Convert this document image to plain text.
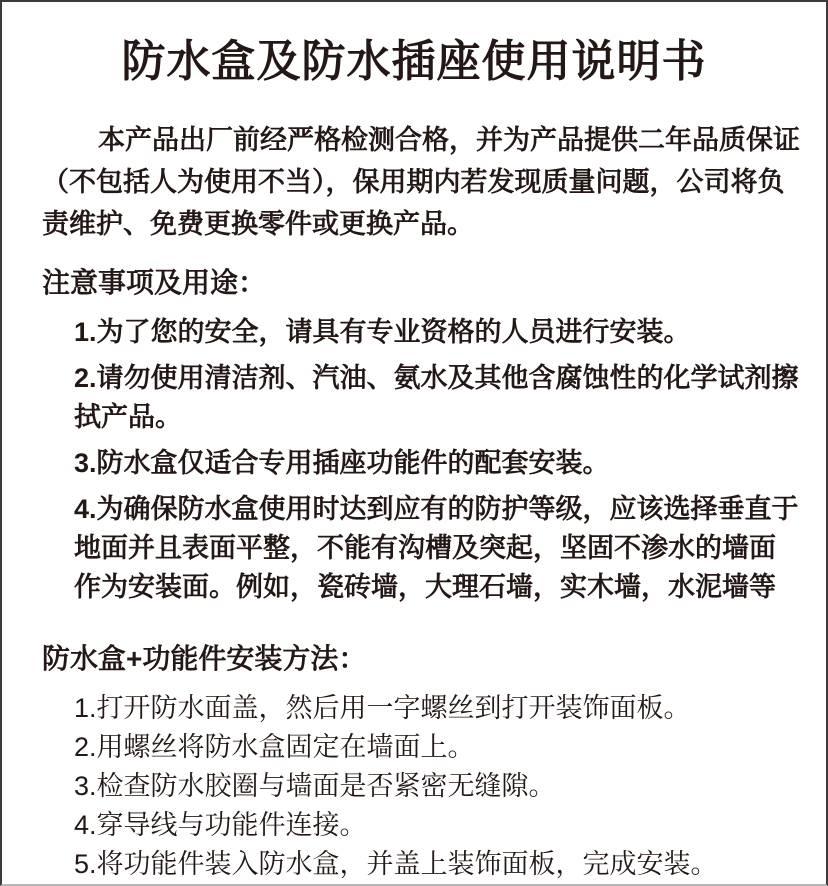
防水盒及防水插座使用说明书
本产品出厂前经严格检测合格，并为产品提供二年品质保证
（不包括人为使用不当），保用期内若发现质量问题，公司将负
责维护、免费更换零件或更换产品。
注意事项及用途：
1.为了您的安全，请具有专业资格的人员进行安装。
2.请勿使用清洁剂、汽油、氨水及其他含腐蚀性的化学试剂擦
拭产品。
3.防水盒仅适合专用插座功能件的配套安装。
4.为确保防水盒使用时达到应有的防护等级，应该选择垂直于
地面并且表面平整，不能有沟槽及突起，坚固不渗水的墙面
作为安装面。例如，瓷砖墙，大理石墙，实木墙，水泥墙等
防水盒+功能件安装方法：
1.打开防水面盖，然后用一字螺丝到打开装饰面板。
2.用螺丝将防水盒固定在墙面上。
3.检查防水胶圈与墙面是否紧密无缝隙。
4.穿导线与功能件连接。
5.将功能件装入防水盒，并盖上装饰面板，完成安装。
